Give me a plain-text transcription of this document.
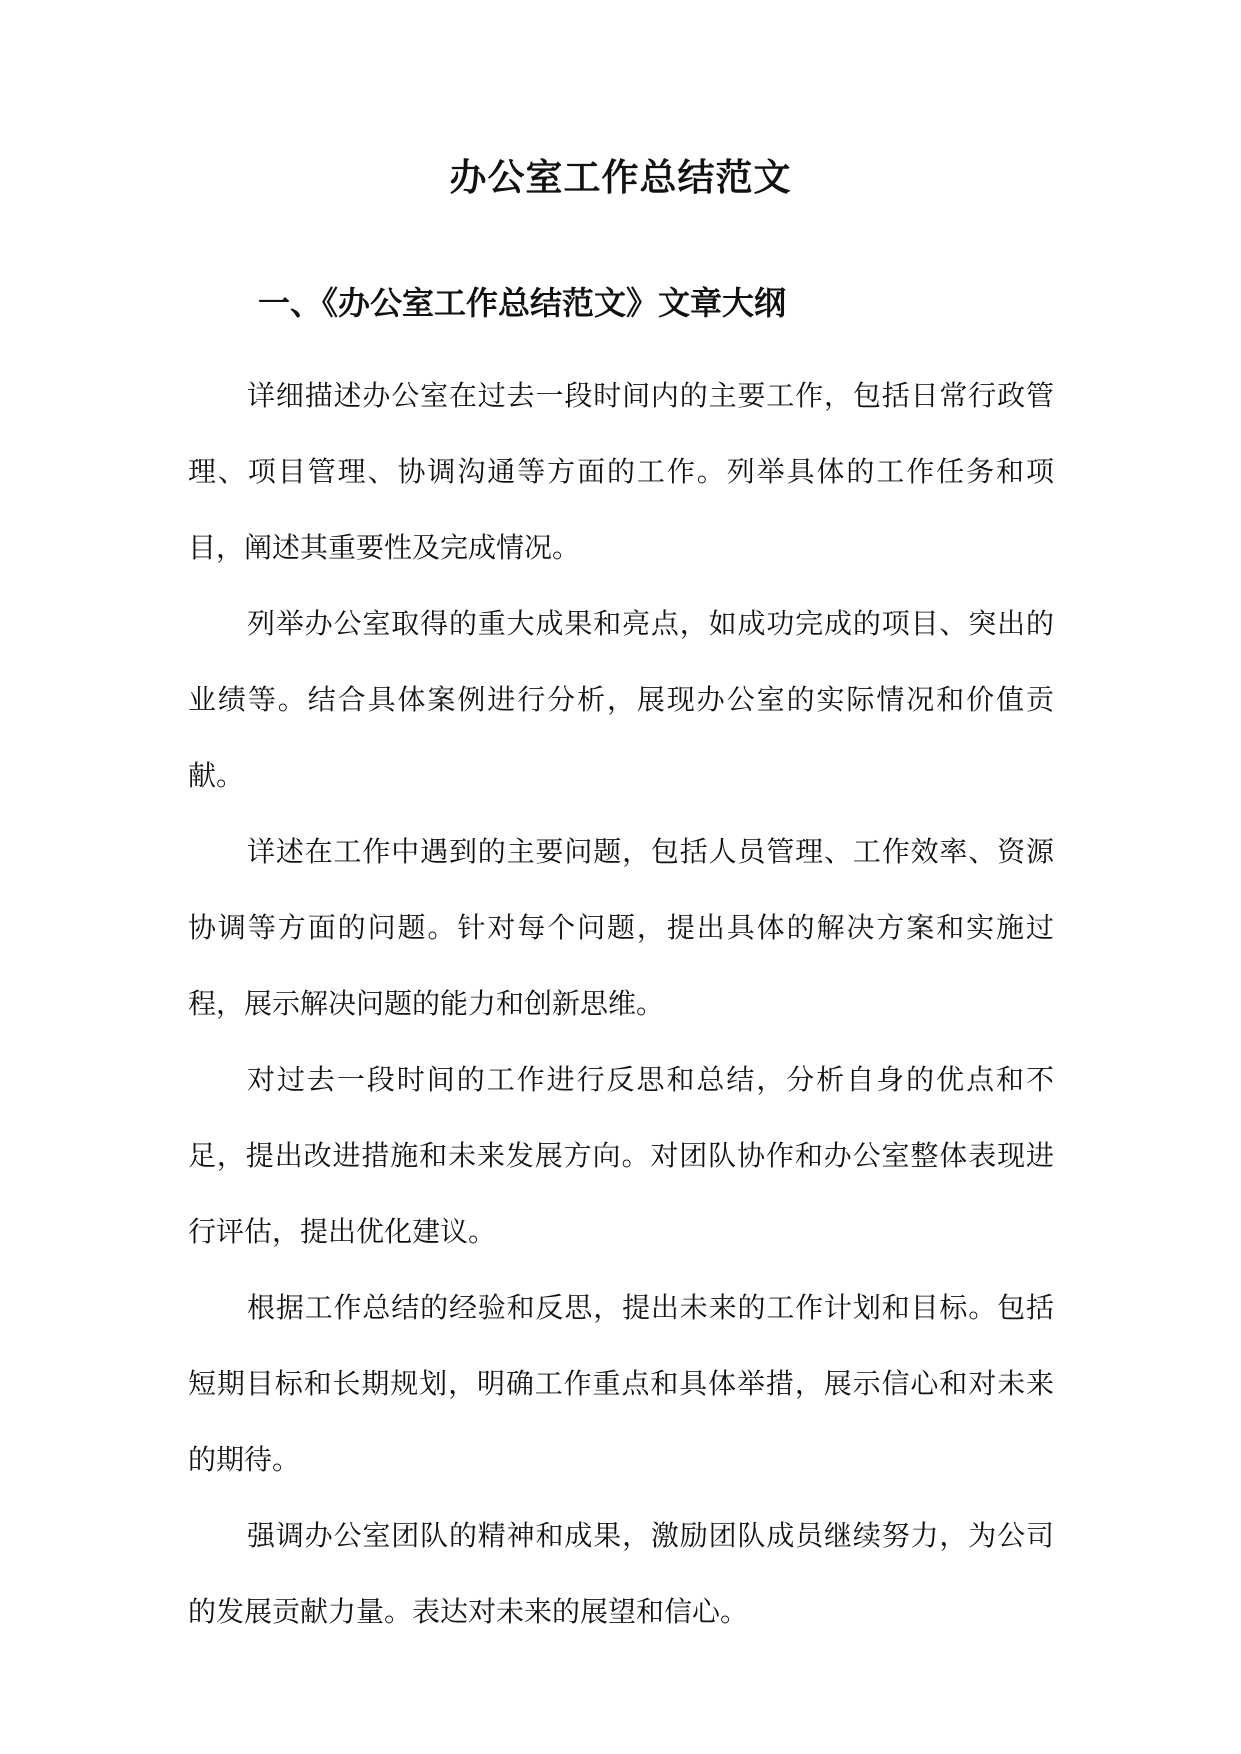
办公室工作总结范文
一、《办公室工作总结范文》文章大纲

详细描述办公室在过去一段时间内的主要工作，包括日常行政管理、项目管理、协调沟通等方面的工作。列举具体的工作任务和项目，阐述其重要性及完成情况。

列举办公室取得的重大成果和亮点，如成功完成的项目、突出的业绩等。结合具体案例进行分析，展现办公室的实际情况和价值贡献。

详述在工作中遇到的主要问题，包括人员管理、工作效率、资源协调等方面的问题。针对每个问题，提出具体的解决方案和实施过程，展示解决问题的能力和创新思维。

对过去一段时间的工作进行反思和总结，分析自身的优点和不足，提出改进措施和未来发展方向。对团队协作和办公室整体表现进行评估，提出优化建议。

根据工作总结的经验和反思，提出未来的工作计划和目标。包括短期目标和长期规划，明确工作重点和具体举措，展示信心和对未来的期待。

强调办公室团队的精神和成果，激励团队成员继续努力，为公司的发展贡献力量。表达对未来的展望和信心。
